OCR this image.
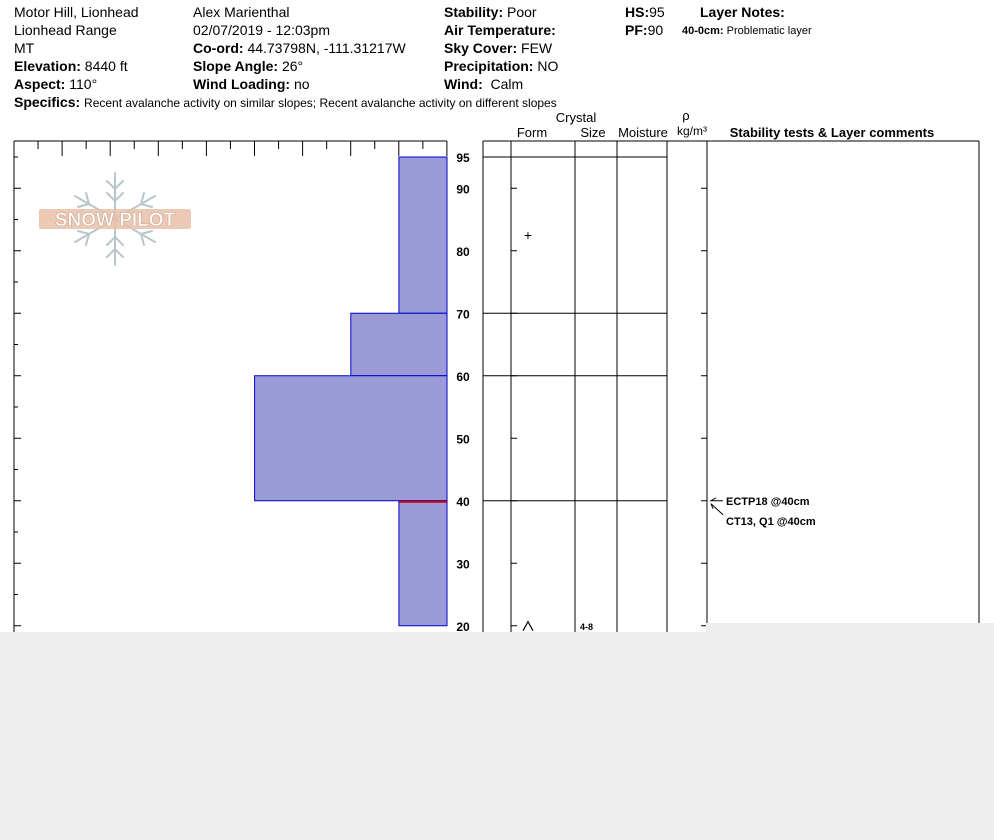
Motor Hill, Lionhead
Lionhead Range
MT
Elevation: 8440 ft
Aspect: 110°
Alex Marienthal
02/07/2019 - 12:03pm
Co-ord: 44.73798N, -111.31217W
Slope Angle: 26°
Wind Loading: no
Stability: Poor
Air Temperature:
Sky Cover: FEW
Precipitation: NO
Wind: Calm
HS:95
PF:90
Layer Notes:
40-0cm: Problematic layer
Specifics: Recent avalanche activity on similar slopes; Recent avalanche activity on different slopes
SNOW PILOT
95
90
80
70
60
50
40
30
20
+
4-8
ECTP18 @40cm
CT13, Q1 @40cm
Crystal
Form	Size Moisture
ρ
kg/m³ Stability tests & Layer comments
